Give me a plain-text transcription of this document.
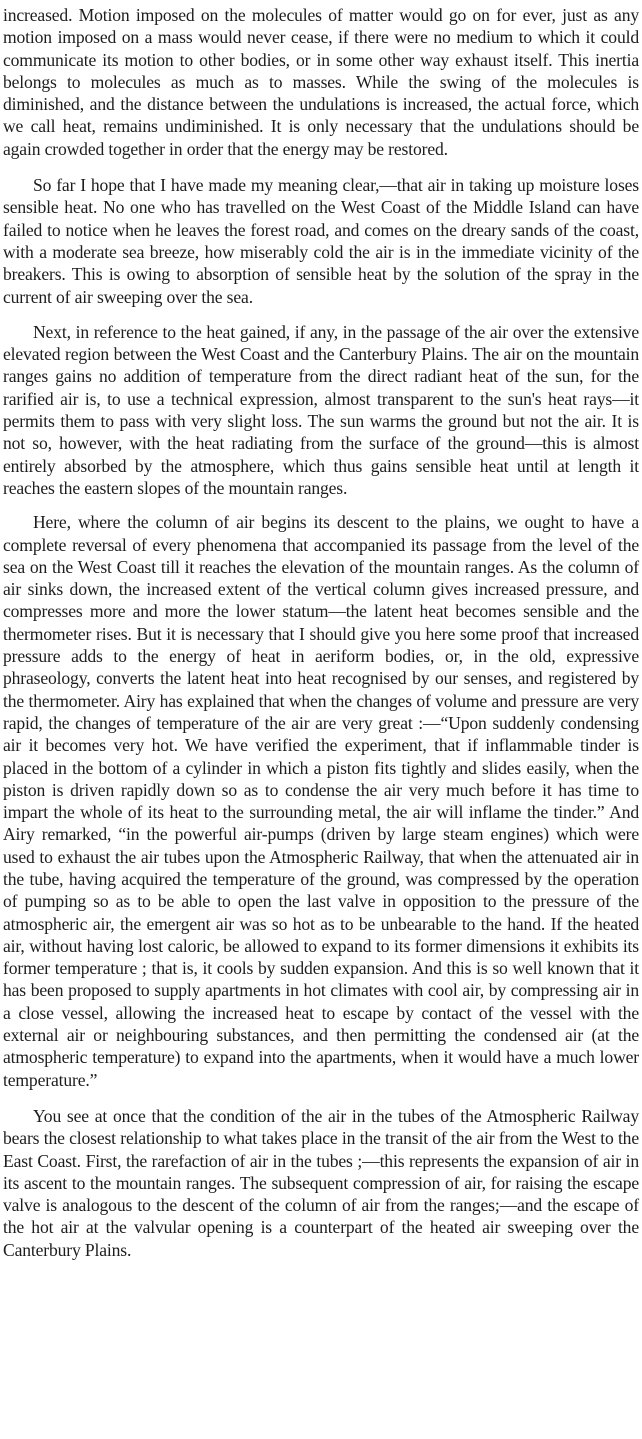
increased. Motion imposed on the molecules of matter would go on for ever, just as any motion imposed on a mass would never cease, if there were no medium to which it could communicate its motion to other bodies, or in some other way exhaust itself. This inertia belongs to molecules as much as to masses. While the swing of the molecules is diminished, and the distance between the undulations is increased, the actual force, which we call heat, remains undiminished. It is only necessary that the undulations should be again crowded together in order that the energy may be restored.

So far I hope that I have made my meaning clear,—that air in taking up moisture loses sensible heat. No one who has travelled on the West Coast of the Middle Island can have failed to notice when he leaves the forest road, and comes on the dreary sands of the coast, with a moderate sea breeze, how miserably cold the air is in the immediate vicinity of the breakers. This is owing to absorption of sensible heat by the solution of the spray in the current of air sweeping over the sea.

Next, in reference to the heat gained, if any, in the passage of the air over the extensive elevated region between the West Coast and the Canterbury Plains. The air on the mountain ranges gains no addition of temperature from the direct radiant heat of the sun, for the rarified air is, to use a technical expression, almost transparent to the sun's heat rays—it permits them to pass with very slight loss. The sun warms the ground but not the air. It is not so, however, with the heat radiating from the surface of the ground—this is almost entirely absorbed by the atmosphere, which thus gains sensible heat until at length it reaches the eastern slopes of the mountain ranges.

Here, where the column of air begins its descent to the plains, we ought to have a complete reversal of every phenomena that accompanied its passage from the level of the sea on the West Coast till it reaches the elevation of the mountain ranges. As the column of air sinks down, the increased extent of the vertical column gives increased pressure, and compresses more and more the lower statum—the latent heat becomes sensible and the thermometer rises. But it is necessary that I should give you here some proof that increased pressure adds to the energy of heat in aeriform bodies, or, in the old, expressive phraseology, converts the latent heat into heat recognised by our senses, and registered by the thermometer. Airy has explained that when the changes of volume and pressure are very rapid, the changes of temperature of the air are very great :—“Upon suddenly condensing air it becomes very hot. We have verified the experiment, that if inflammable tinder is placed in the bottom of a cylinder in which a piston fits tightly and slides easily, when the piston is driven rapidly down so as to condense the air very much before it has time to impart the whole of its heat to the surrounding metal, the air will inflame the tinder.” And Airy remarked, “in the powerful air-pumps (driven by large steam engines) which were used to exhaust the air tubes upon the Atmospheric Railway, that when the attenuated air in the tube, having acquired the temperature of the ground, was compressed by the operation of pumping so as to be able to open the last valve in opposition to the pressure of the atmospheric air, the emergent air was so hot as to be unbearable to the hand. If the heated air, without having lost caloric, be allowed to expand to its former dimensions it exhibits its former temperature ; that is, it cools by sudden expansion. And this is so well known that it has been proposed to supply apartments in hot climates with cool air, by compressing air in a close vessel, allowing the increased heat to escape by contact of the vessel with the external air or neighbouring substances, and then permitting the condensed air (at the atmospheric temperature) to expand into the apartments, when it would have a much lower temperature.”

You see at once that the condition of the air in the tubes of the Atmospheric Railway bears the closest relationship to what takes place in the transit of the air from the West to the East Coast. First, the rarefaction of air in the tubes ;—this represents the expansion of air in its ascent to the mountain ranges. The subsequent compression of air, for raising the escape valve is analogous to the descent of the column of air from the ranges;—and the escape of the hot air at the valvular opening is a counterpart of the heated air sweeping over the Canterbury Plains.
